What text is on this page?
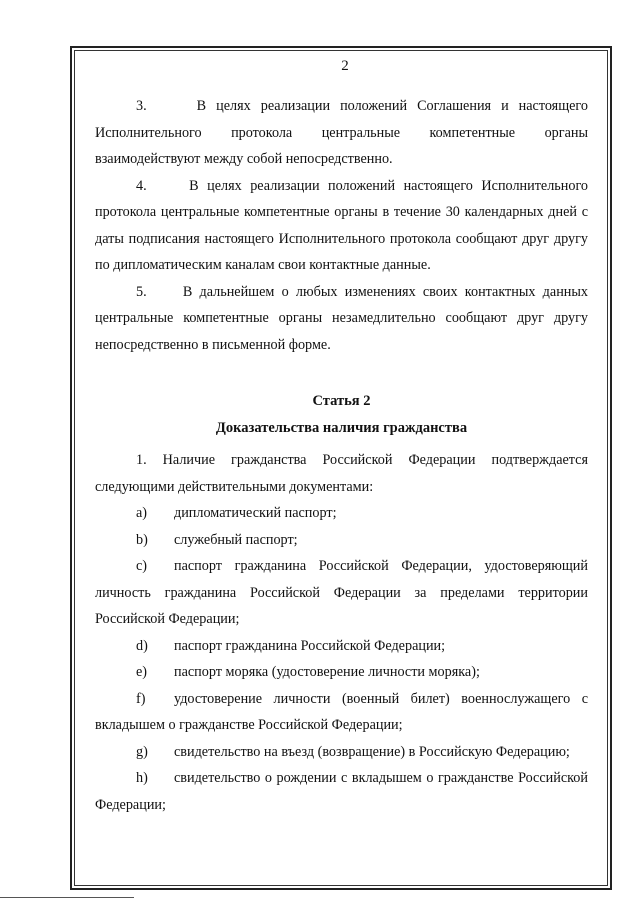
2

3.	В целях реализации положений Соглашения и настоящего Исполнительного протокола центральные компетентные органы взаимодействуют между собой непосредственно.

4.	В целях реализации положений настоящего Исполнительного протокола центральные компетентные органы в течение 30 календарных дней с даты подписания настоящего Исполнительного протокола сообщают друг другу по дипломатическим каналам свои контактные данные.

5.	В дальнейшем о любых изменениях своих контактных данных центральные компетентные органы незамедлительно сообщают друг другу непосредственно в письменной форме.

Статья 2
Доказательства наличия гражданства

1. Наличие гражданства Российской Федерации подтверждается следующими действительными документами:

a) дипломатический паспорт;

b) служебный паспорт;

c) паспорт гражданина Российской Федерации, удостоверяющий личность гражданина Российской Федерации за пределами территории Российской Федерации;

d) паспорт гражданина Российской Федерации;

e) паспорт моряка (удостоверение личности моряка);

f) удостоверение личности (военный билет) военнослужащего с вкладышем о гражданстве Российской Федерации;

g) свидетельство на въезд (возвращение) в Российскую Федерацию;

h) свидетельство о рождении с вкладышем о гражданстве Российской Федерации;
